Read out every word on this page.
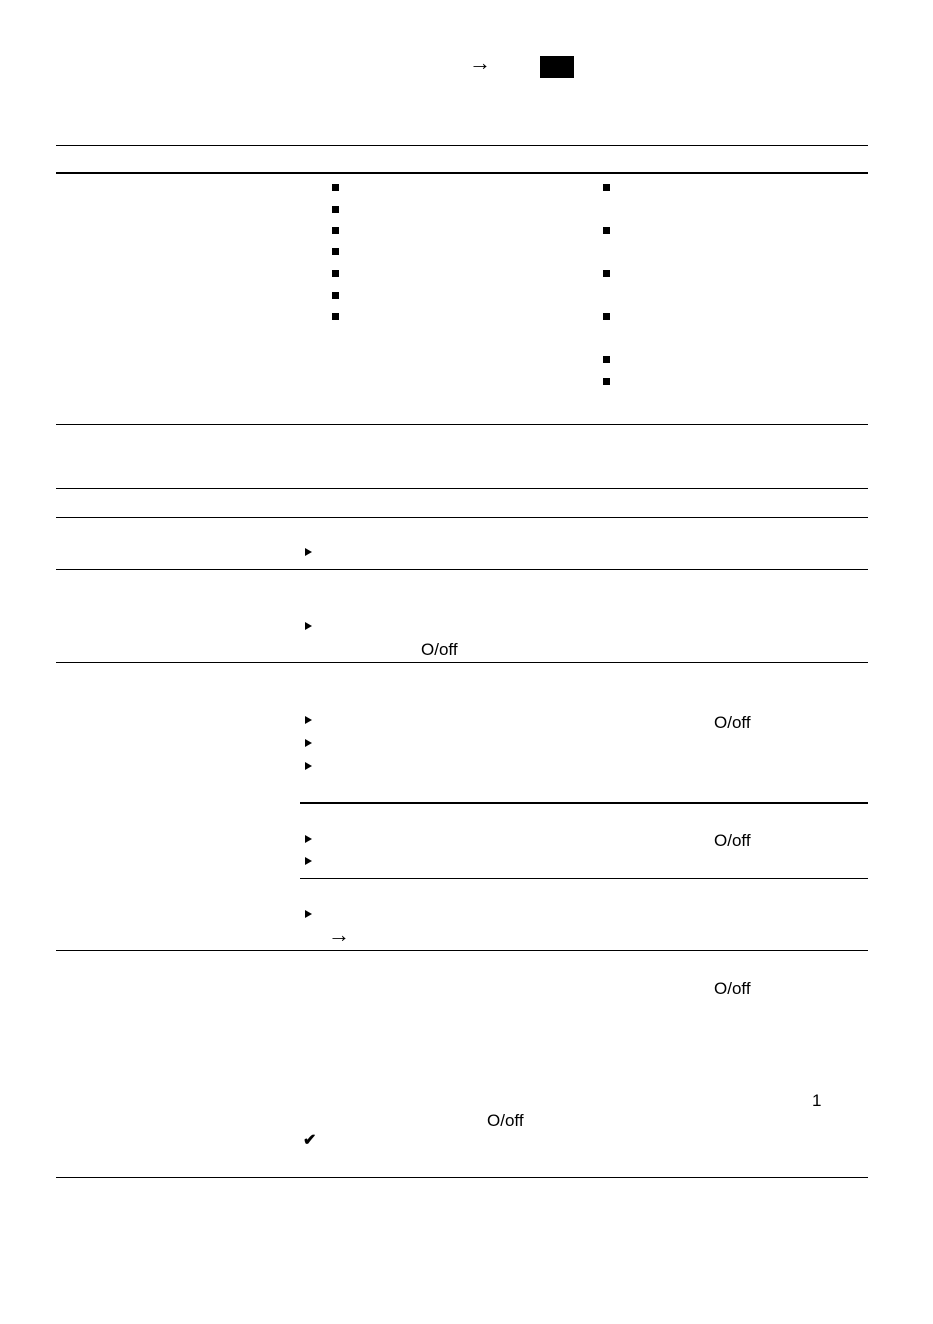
→
O/off
O/off
O/off
→
O/off
1
O/off
✔
